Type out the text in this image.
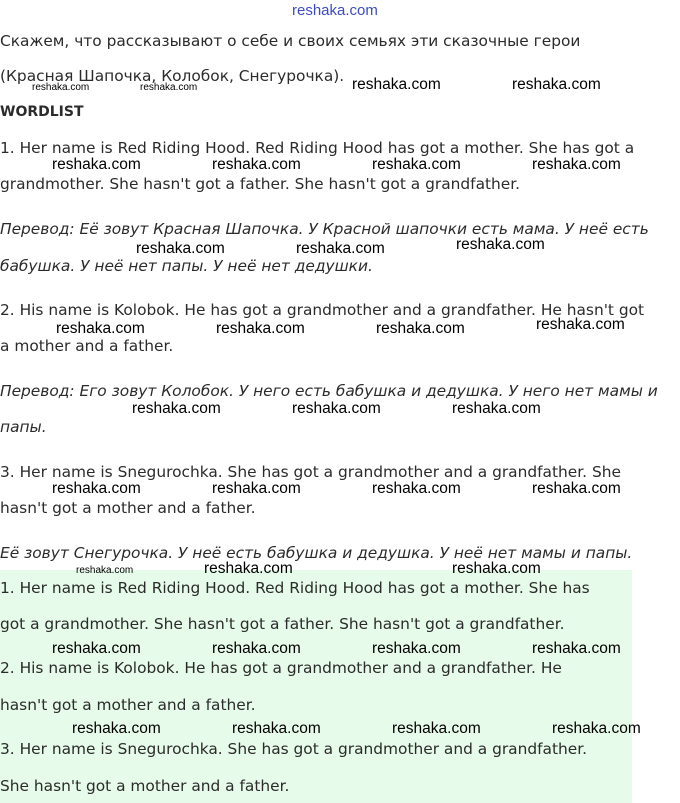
reshaka.com

Скажем, что рассказывают о себе и своих семьях эти сказочные герои

(Красная Шапочка, Колобок, Снегурочка).

WORDLIST

1. Her name is Red Riding Hood. Red Riding Hood has got a mother. She has got a

grandmother. She hasn't got a father. She hasn't got a grandfather.

Перевод: Её зовут Красная Шапочка. У Красной шапочки есть мама. У неё есть

бабушка. У неё нет папы. У неё нет дедушки.

2. His name is Kolobok. He has got a grandmother and a grandfather. He hasn't got

a mother and a father.

Перевод: Его зовут Колобок. У него есть бабушка и дедушка. У него нет мамы и

папы.

3. Her name is Snegurochka. She has got a grandmother and a grandfather. She

hasn't got a mother and a father.

Её зовут Снегурочка. У неё есть бабушка и дедушка. У неё нет мамы и папы.

1. Her name is Red Riding Hood. Red Riding Hood has got a mother. She has

got a grandmother. She hasn't got a father. She hasn't got a grandfather.

2. His name is Kolobok. He has got a grandmother and a grandfather. He

hasn't got a mother and a father.

3. Her name is Snegurochka. She has got a grandmother and a grandfather.

She hasn't got a mother and a father.

reshaka.com	reshaka.com	reshaka.com	reshaka.com
reshaka.com	reshaka.com	reshaka.com	reshaka.com
reshaka.com	reshaka.com	reshaka.com
reshaka.com	reshaka.com	reshaka.com	reshaka.com
reshaka.com	reshaka.com	reshaka.com
reshaka.com	reshaka.com	reshaka.com	reshaka.com
reshaka.com	reshaka.com	reshaka.com
reshaka.com	reshaka.com	reshaka.com	reshaka.com
reshaka.com	reshaka.com	reshaka.com	reshaka.com
